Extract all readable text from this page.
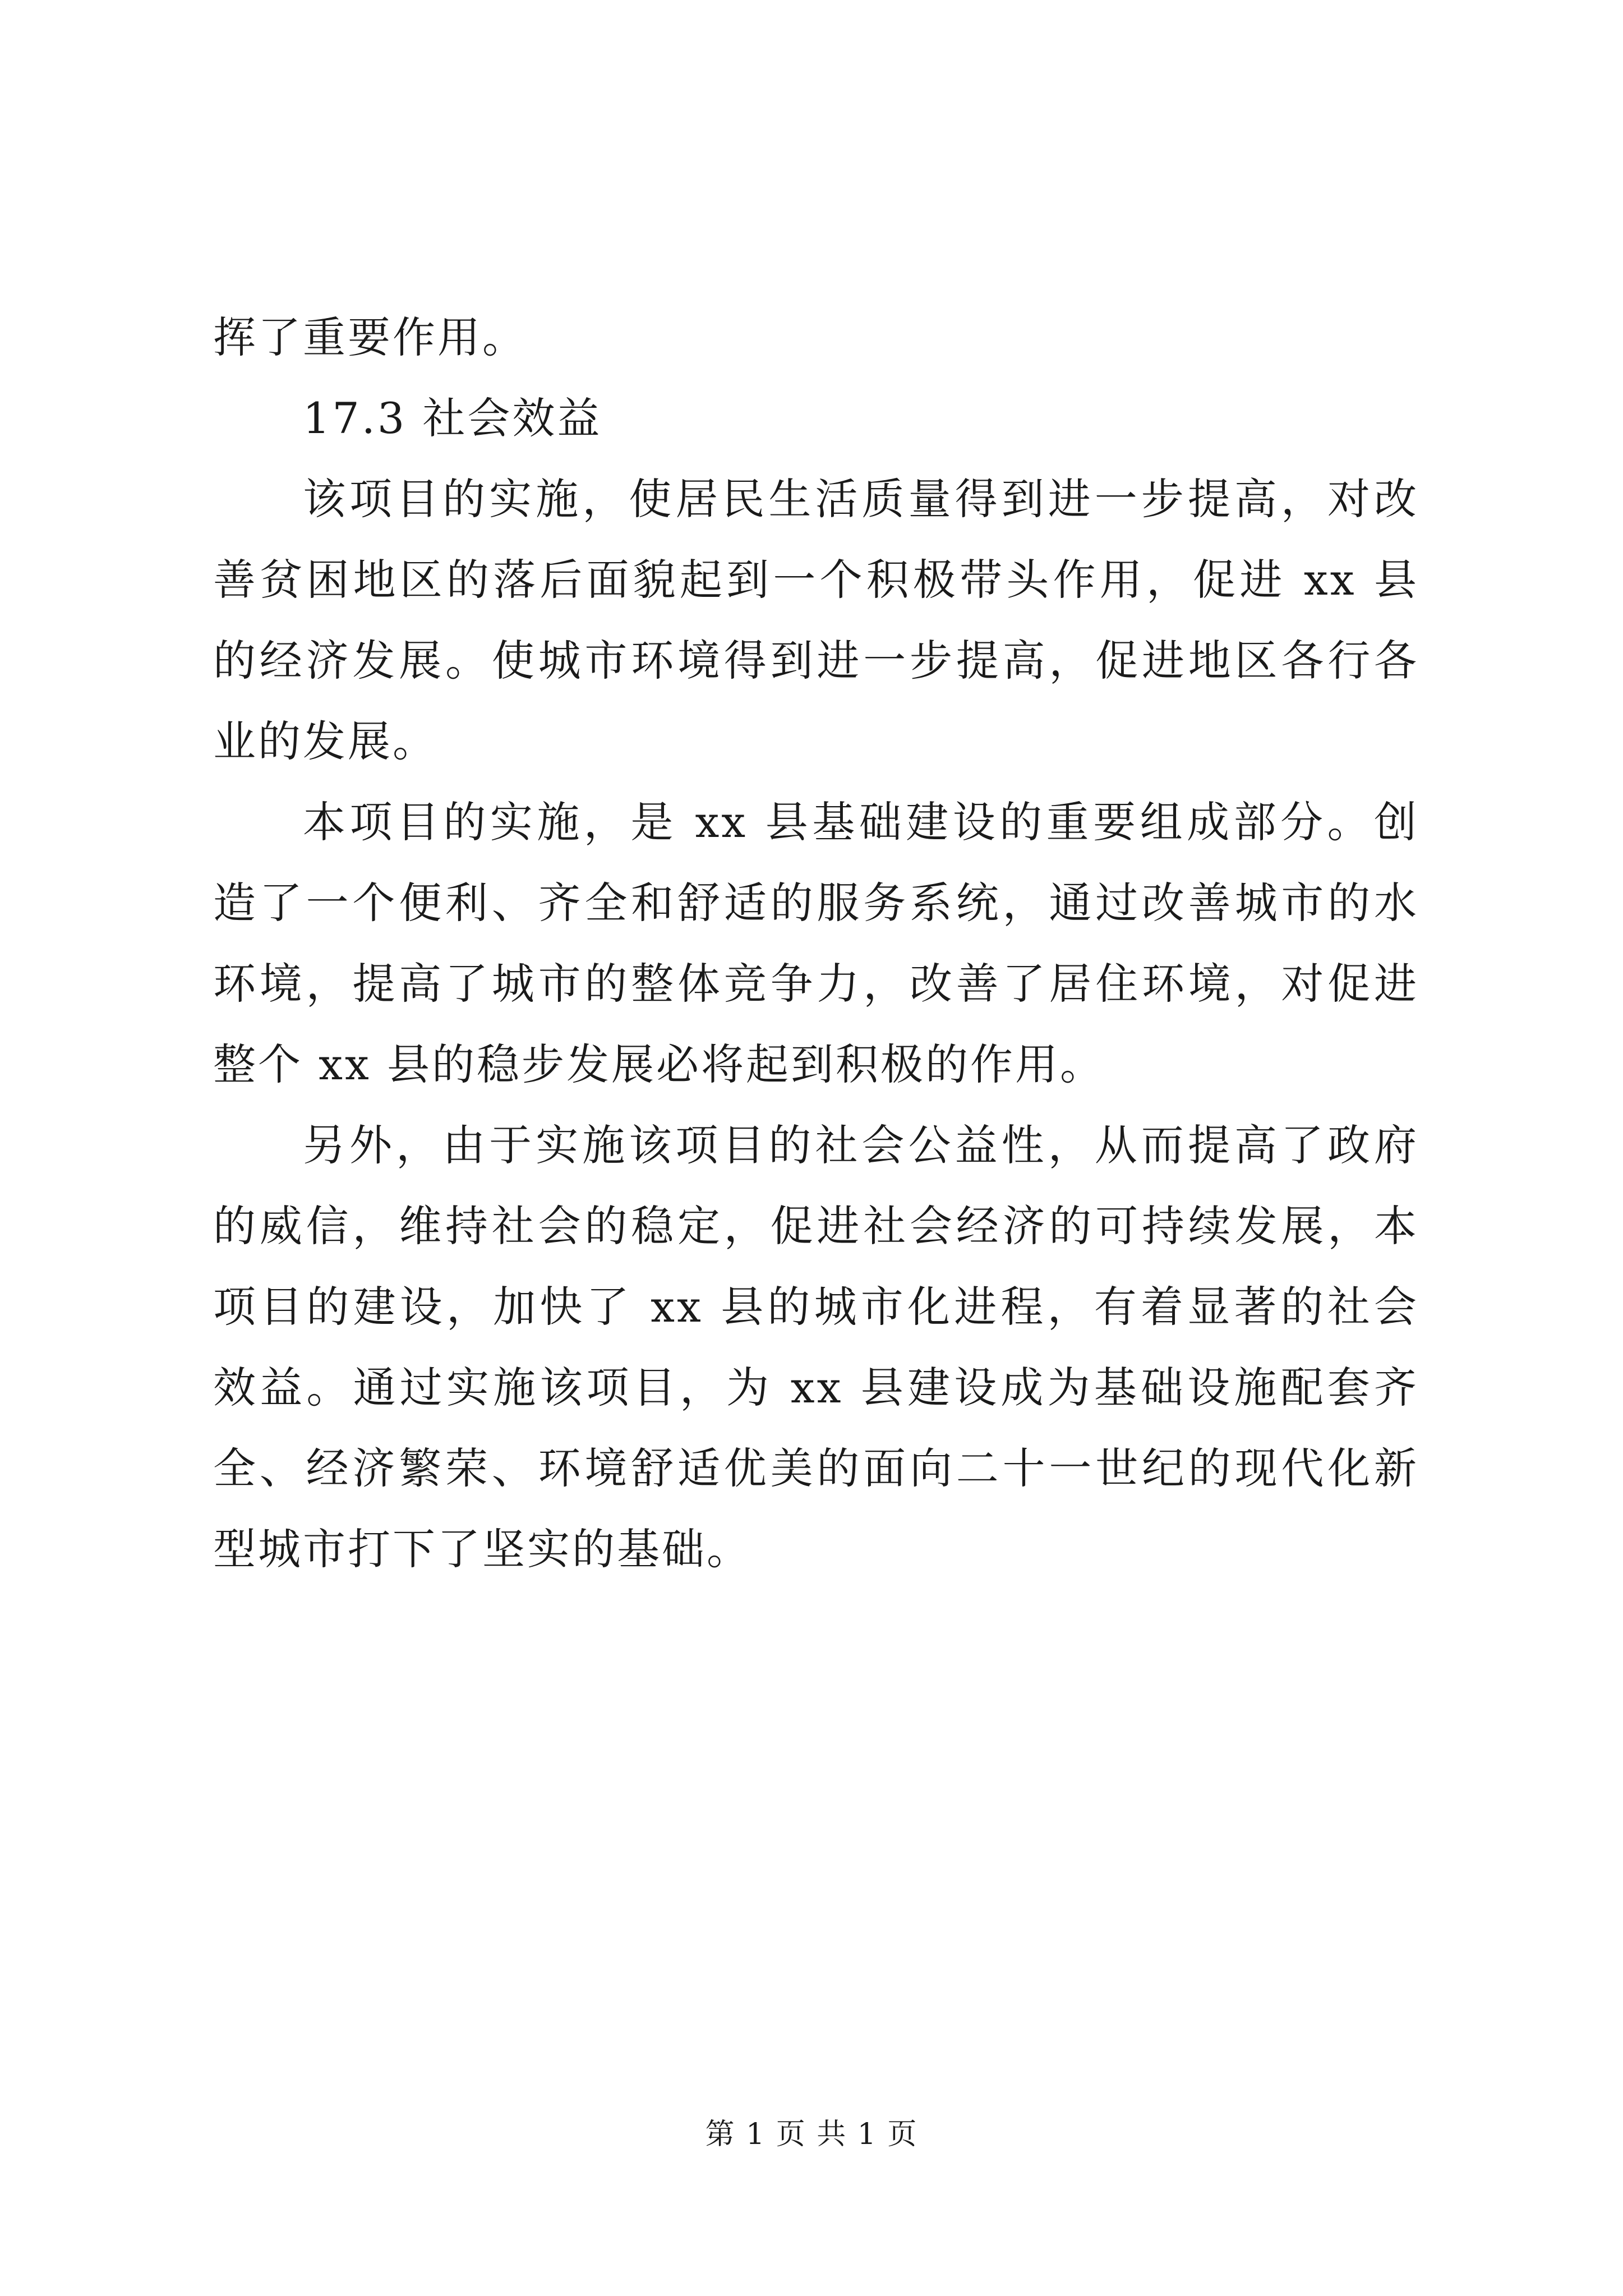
挥了重要作用。

17.3 社会效益

该项目的实施，使居民生活质量得到进一步提高，对改善贫困地区的落后面貌起到一个积极带头作用，促进 xx 县的经济发展。使城市环境得到进一步提高，促进地区各行各业的发展。

本项目的实施，是 xx 县基础建设的重要组成部分。创造了一个便利、齐全和舒适的服务系统，通过改善城市的水环境，提高了城市的整体竞争力，改善了居住环境，对促进整个 xx 县的稳步发展必将起到积极的作用。

另外，由于实施该项目的社会公益性，从而提高了政府的威信，维持社会的稳定，促进社会经济的可持续发展，本项目的建设，加快了 xx 县的城市化进程，有着显著的社会效益。通过实施该项目，为 xx 县建设成为基础设施配套齐全、经济繁荣、环境舒适优美的面向二十一世纪的现代化新型城市打下了坚实的基础。

第 1 页 共 1 页
